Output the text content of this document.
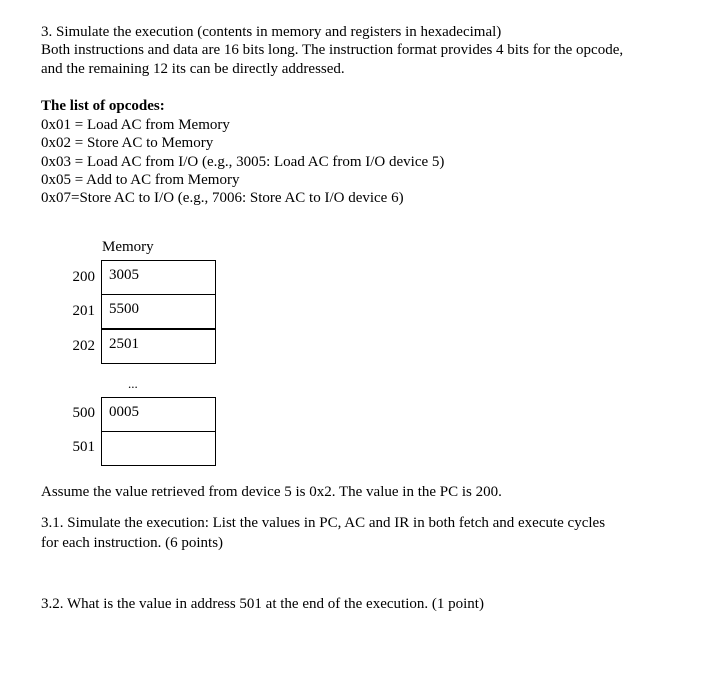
3. Simulate the execution (contents in memory and registers in hexadecimal)
Both instructions and data are 16 bits long. The instruction format provides 4 bits for the opcode,
and the remaining 12 its can be directly addressed.
The list of opcodes:
0x01 = Load AC from Memory
0x02 = Store AC to Memory
0x03 = Load AC from I/O (e.g., 3005: Load AC from I/O device 5)
0x05 = Add to AC from Memory
0x07=Store AC to I/O (e.g., 7006: Store AC to I/O device 6)
Memory
200 3005
201 5500
202 2501
...
500 0005
501
Assume the value retrieved from device 5 is 0x2. The value in the PC is 200.
3.1. Simulate the execution: List the values in PC, AC and IR in both fetch and execute cycles
for each instruction. (6 points)
3.2. What is the value in address 501 at the end of the execution. (1 point)
